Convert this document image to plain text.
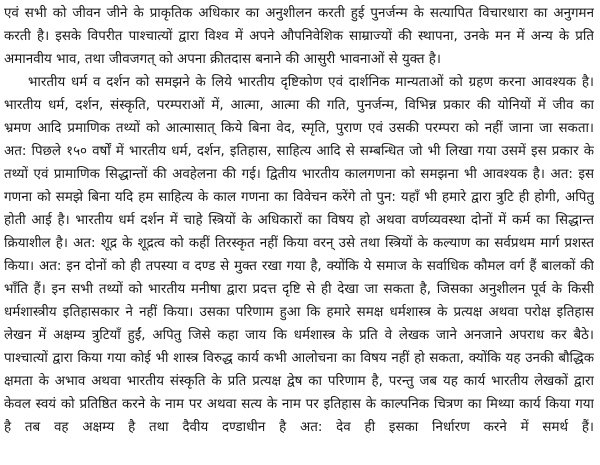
एवं सभी को जीवन जीने के प्राकृतिक अधिकार का अनुशीलन करती हुई पुनर्जन्म के सत्यापित विचारधारा का अनुगमन
करती है। इसके विपरीत पाश्चात्यों द्वारा विश्व में अपने औपनिवेशिक साम्राज्यों की स्थापना, उनके मन में अन्य के प्रति
अमानवीय भाव, तथा जीवजगत् को अपना क्रीतदास बनाने की आसुरी भावनाओं से युक्त है।
भारतीय धर्म व दर्शन को समझने के लिये भारतीय दृष्टिकोण एवं दार्शनिक मान्यताओं को ग्रहण करना आवश्यक है।
भारतीय धर्म, दर्शन, संस्कृति, परम्पराओं में, आत्मा, आत्मा की गति, पुनर्जन्म, विभिन्न प्रकार की योनियों में जीव का
भ्रमण आदि प्रमाणिक तथ्यों को आत्मासात् किये बिना वेद, स्मृति, पुराण एवं उसकी परम्परा को नहीं जाना जा सकता।
अत: पिछले १५० वर्षों में भारतीय धर्म, दर्शन, इतिहास, साहित्य आदि से सम्बन्धित जो भी लिखा गया उसमें इस प्रकार के
तथ्यों एवं प्रामाणिक सिद्धान्तों की अवहेलना की गई। द्वितीय भारतीय कालगणना को समझना भी आवश्यक है। अत: इस
गणना को समझे बिना यदि हम साहित्य के काल गणना का विवेचन करेंगे तो पुन: यहाँ भी हमारे द्वारा त्रुटि ही होगी, अपितु
होती आई है। भारतीय धर्म दर्शन में चाहे स्त्रियों के अधिकारों का विषय हो अथवा वर्णव्यवस्था दोनों में कर्म का सिद्धान्त
क्रियाशील है। अत: शूद्र के शूद्रत्व को कहीं तिरस्कृत नहीं किया वरन् उसे तथा स्त्रियों के कल्याण का सर्वप्रथम मार्ग प्रशस्त
किया। अत: इन दोनों को ही तपस्या व दण्ड से मुक्त रखा गया है, क्योंकि ये समाज के सर्वाधिक कौमल वर्ग हैं बालकों की
भाँति हैं। इन सभी तथ्यों को भारतीय मनीषा द्वारा प्रदत्त दृष्टि से ही देखा जा सकता है, जिसका अनुशीलन पूर्व के किसी
धर्मशास्त्रीय इतिहासकार ने नहीं किया। उसका परिणाम हुआ कि हमारे समक्ष धर्मशास्त्र के प्रत्यक्ष अथवा परोक्ष इतिहास
लेखन में अक्षम्य त्रुटियाँ हुईं, अपितु जिसे कहा जाय कि धर्मशास्त्र के प्रति वे लेखक जाने अनजाने अपराध कर बैठे।
पाश्चात्यों द्वारा किया गया कोई भी शास्त्र विरुद्ध कार्य कभी आलोचना का विषय नहीं हो सकता, क्योंकि यह उनकी बौद्धिक
क्षमता के अभाव अथवा भारतीय संस्कृति के प्रति प्रत्यक्ष द्वेष का परिणाम है, परन्तु जब यह कार्य भारतीय लेखकों द्वारा
केवल स्वयं को प्रतिष्ठित करने के नाम पर अथवा सत्य के नाम पर इतिहास के काल्पनिक चित्रण का मिथ्या कार्य किया गया
है तब वह अक्षम्य है तथा दैवीय दण्डाधीन है अत: देव ही इसका निर्धारण करने में समर्थ हैं।
